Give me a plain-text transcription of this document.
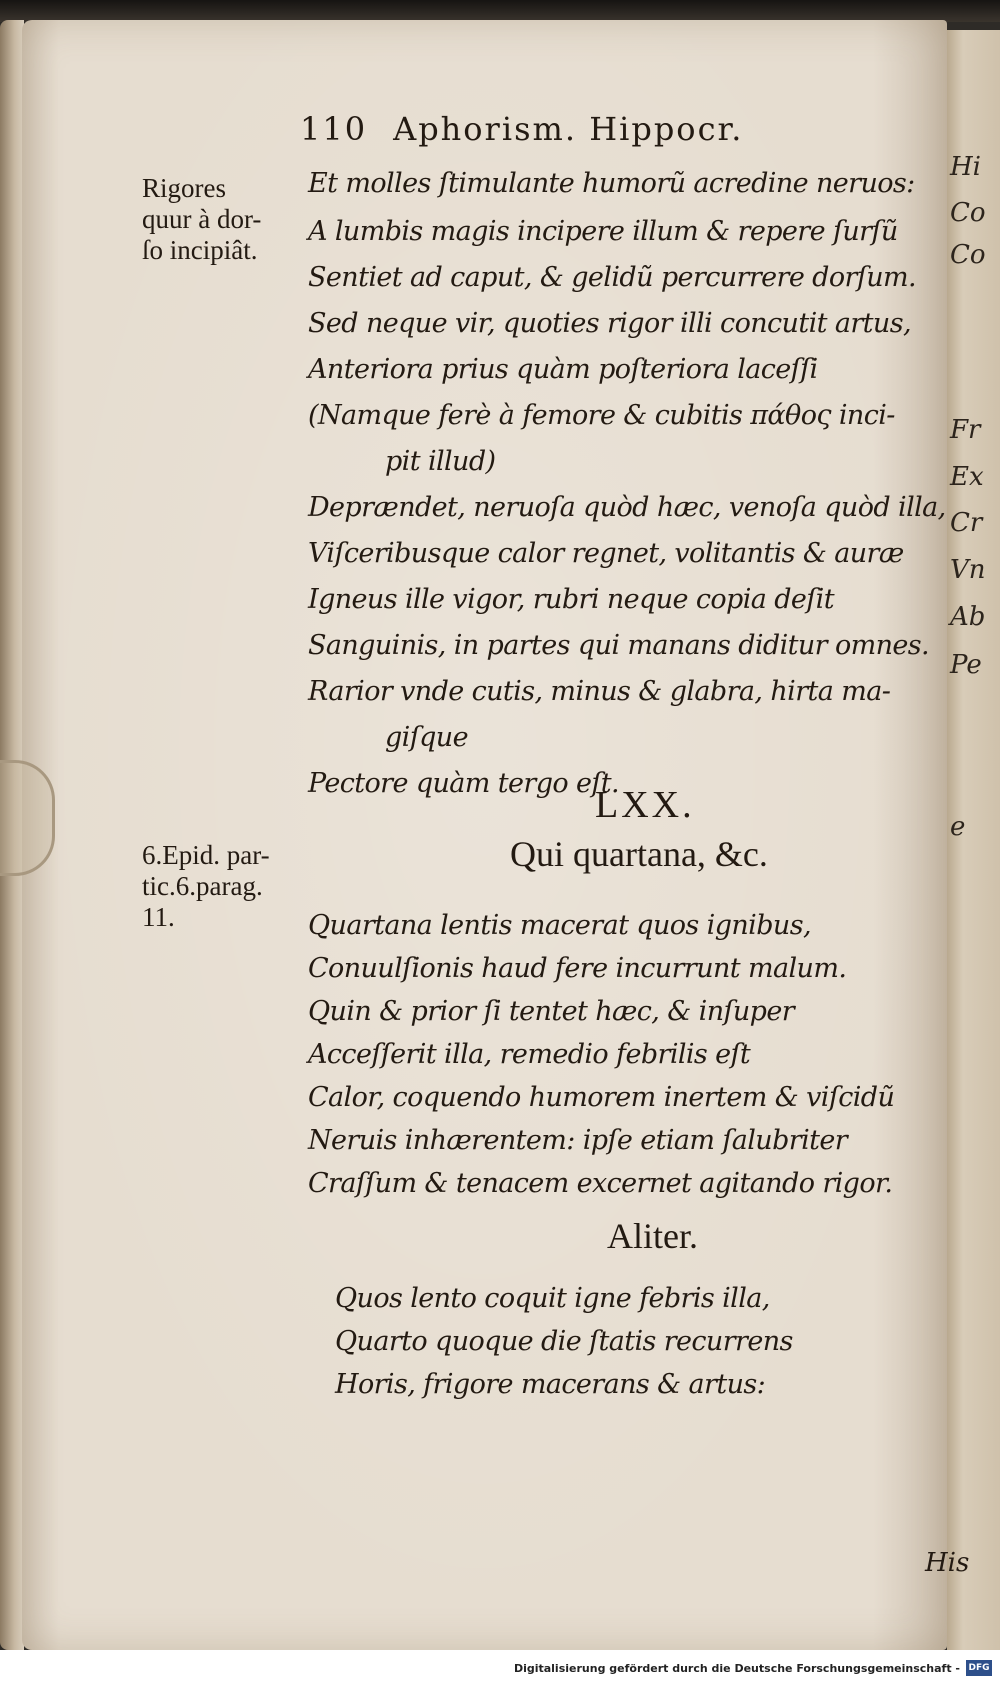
Hi
Co
Co
Fr
Ex
Cr
Vn
Ab
Pe
e
110 Aphorism. Hippocr.
Rigores
quur à dor-
ſo incipiât.
Et molles ſtimulante humorũ acredine neruos:
A lumbis magis incipere illum & repere ſurſũ
Sentiet ad caput, & gelidũ percurrere dorſum.
Sed neque vir, quoties rigor illi concutit artus,
Anteriora prius quàm poſteriora laceſſi
(Namque ferè à femore & cubitis πάθος inci-
pit illud)
Deprændet, neruoſa quòd hæc, venoſa quòd illa,
Viſceribusque calor regnet, volitantis & auræ
Igneus ille vigor, rubri neque copia deſit
Sanguinis, in partes qui manans diditur omnes.
Rarior vnde cutis, minus & glabra, hirta ma-
giſque
Pectore quàm tergo eſt.
LXX.
6.Epid. par-
tic.6.parag.
11.
Qui quartana, &c.
Quartana lentis macerat quos ignibus,
Conuulſionis haud fere incurrunt malum.
Quin & prior ſi tentet hæc, & inſuper
Acceſſerit illa, remedio febrilis eſt
Calor, coquendo humorem inertem & viſcidũ
Neruis inhærentem: ipſe etiam ſalubriter
Craſſum & tenacem excernet agitando rigor.
Aliter.
Quos lento coquit igne febris illa,
Quarto quoque die ſtatis recurrens
Horis, frigore macerans & artus:
His
Digitalisierung gefördert durch die Deutsche Forschungsgemeinschaft - DFG
